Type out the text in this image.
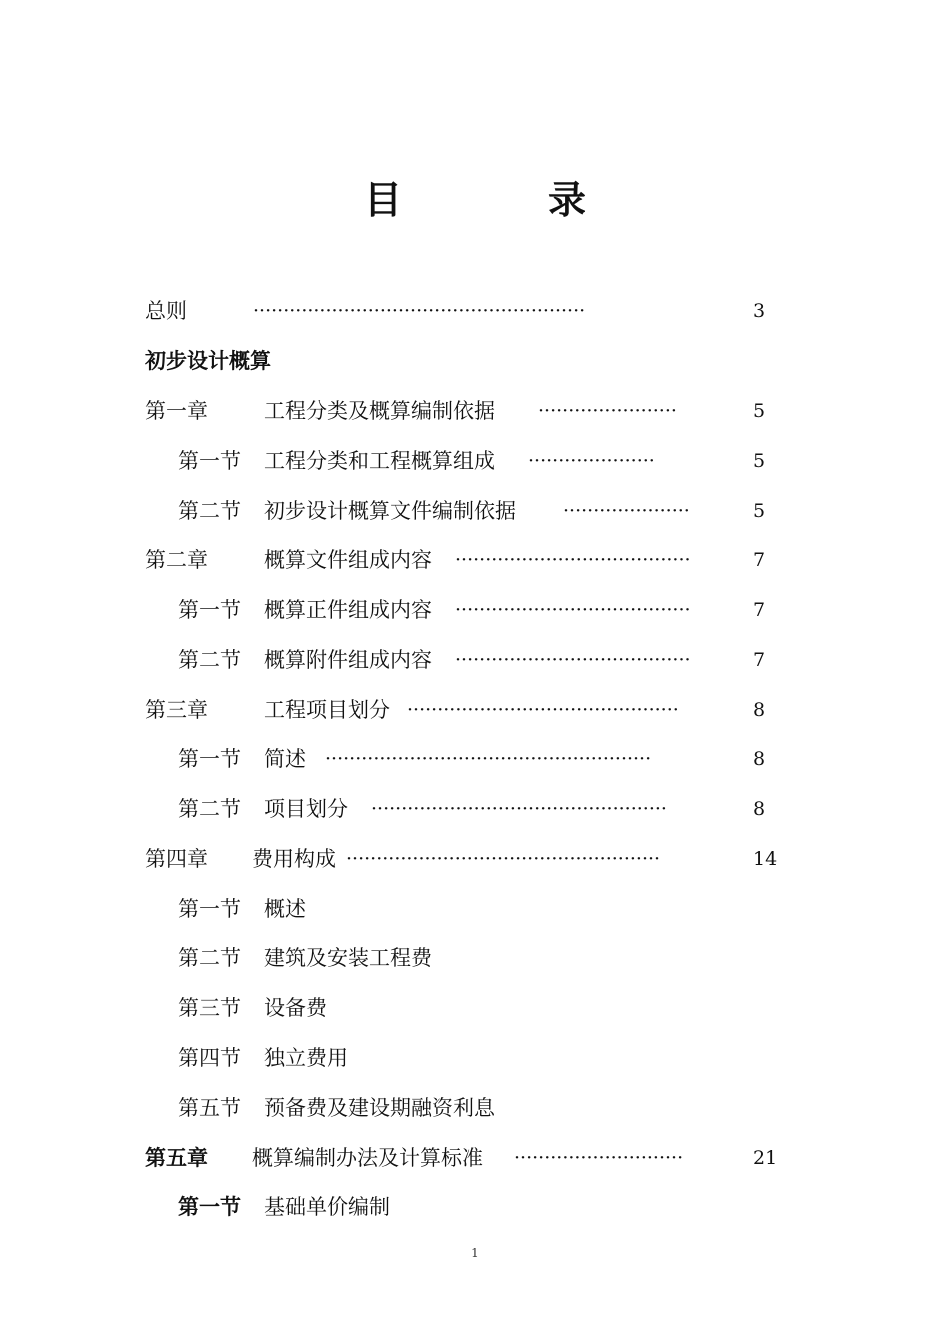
目	录
总则	·······················································	3
初步设计概算
第一章	工程分类及概算编制依据 ·······················	5
第一节 工程分类和工程概算组成 ·····················	5
第二节 初步设计概算文件编制依据 ·····················	5
第二章	概算文件组成内容 ·······································	7
第一节 概算正件组成内容 ·······································	7
第二节 概算附件组成内容 ·······································	7
第三章	工程项目划分 ·············································	8
第一节 简述 ······················································	8
第二节 项目划分 ·················································	8
第四章 费用构成 ····················································	14
第一节 概述
第二节 建筑及安装工程费
第三节 设备费
第四节 独立费用
第五节 预备费及建设期融资利息
第五章 概算编制办法及计算标准 ····························	21
第一节 基础单价编制
1
